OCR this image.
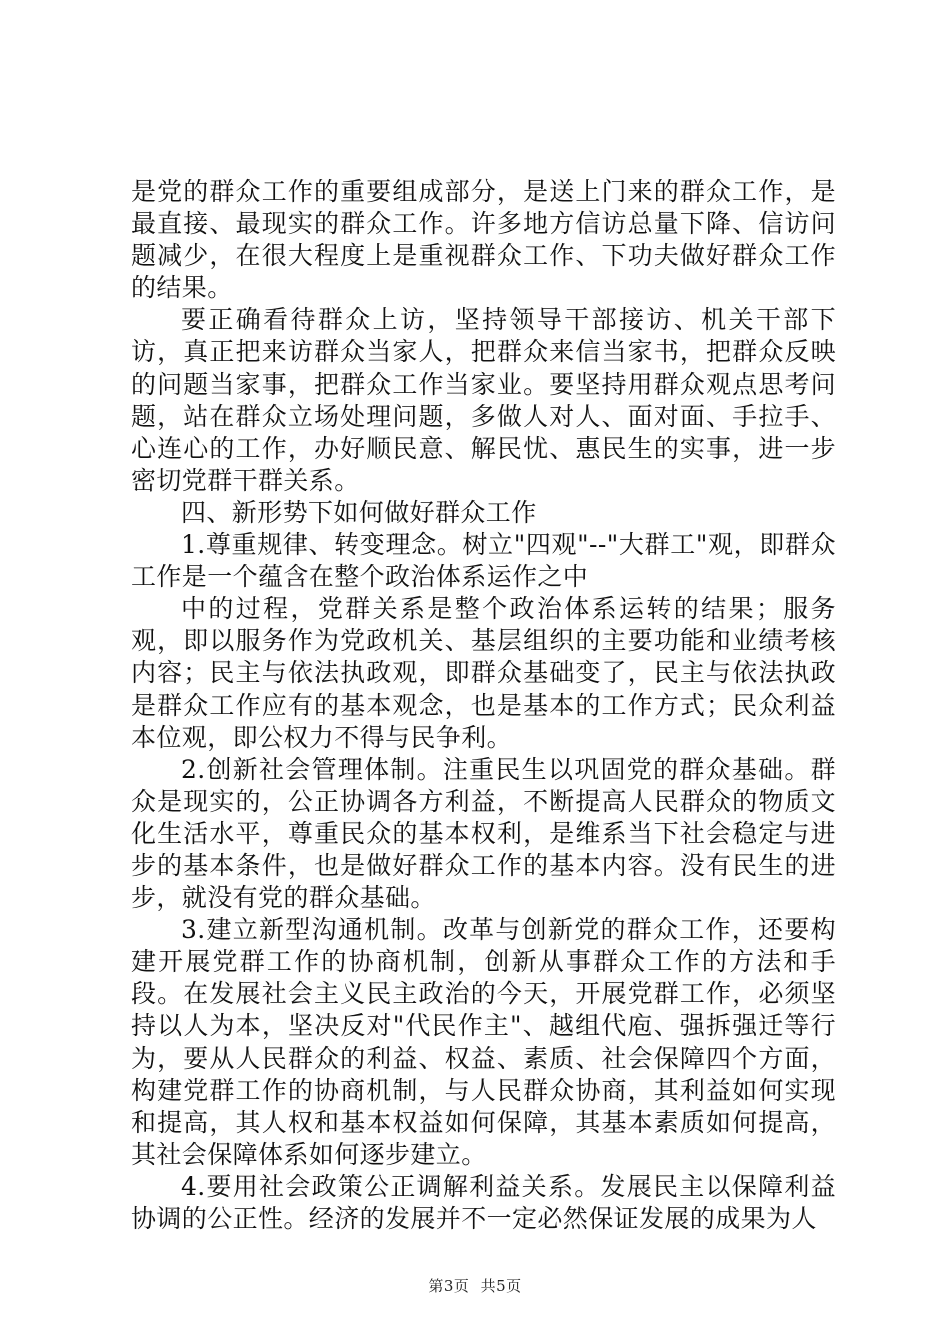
是党的群众工作的重要组成部分，是送上门来的群众工作，是最直接、最现实的群众工作。许多地方信访总量下降、信访问题减少，在很大程度上是重视群众工作、下功夫做好群众工作的结果。

要正确看待群众上访，坚持领导干部接访、机关干部下访，真正把来访群众当家人，把群众来信当家书，把群众反映的问题当家事，把群众工作当家业。要坚持用群众观点思考问题，站在群众立场处理问题，多做人对人、面对面、手拉手、心连心的工作，办好顺民意、解民忧、惠民生的实事，进一步密切党群干群关系。

四、新形势下如何做好群众工作

1.尊重规律、转变理念。树立"四观"--"大群工"观，即群众工作是一个蕴含在整个政治体系运作之中

中的过程，党群关系是整个政治体系运转的结果；服务观，即以服务作为党政机关、基层组织的主要功能和业绩考核内容；民主与依法执政观，即群众基础变了，民主与依法执政是群众工作应有的基本观念，也是基本的工作方式；民众利益本位观，即公权力不得与民争利。

2.创新社会管理体制。注重民生以巩固党的群众基础。群众是现实的，公正协调各方利益，不断提高人民群众的物质文化生活水平，尊重民众的基本权利，是维系当下社会稳定与进步的基本条件，也是做好群众工作的基本内容。没有民生的进步，就没有党的群众基础。

3.建立新型沟通机制。改革与创新党的群众工作，还要构建开展党群工作的协商机制，创新从事群众工作的方法和手段。在发展社会主义民主政治的今天，开展党群工作，必须坚持以人为本，坚决反对"代民作主"、越组代庖、强拆强迁等行为，要从人民群众的利益、权益、素质、社会保障四个方面，构建党群工作的协商机制，与人民群众协商，其利益如何实现和提高，其人权和基本权益如何保障，其基本素质如何提高，其社会保障体系如何逐步建立。

4.要用社会政策公正调解利益关系。发展民主以保障利益协调的公正性。经济的发展并不一定必然保证发展的成果为人

第3页 共5页
